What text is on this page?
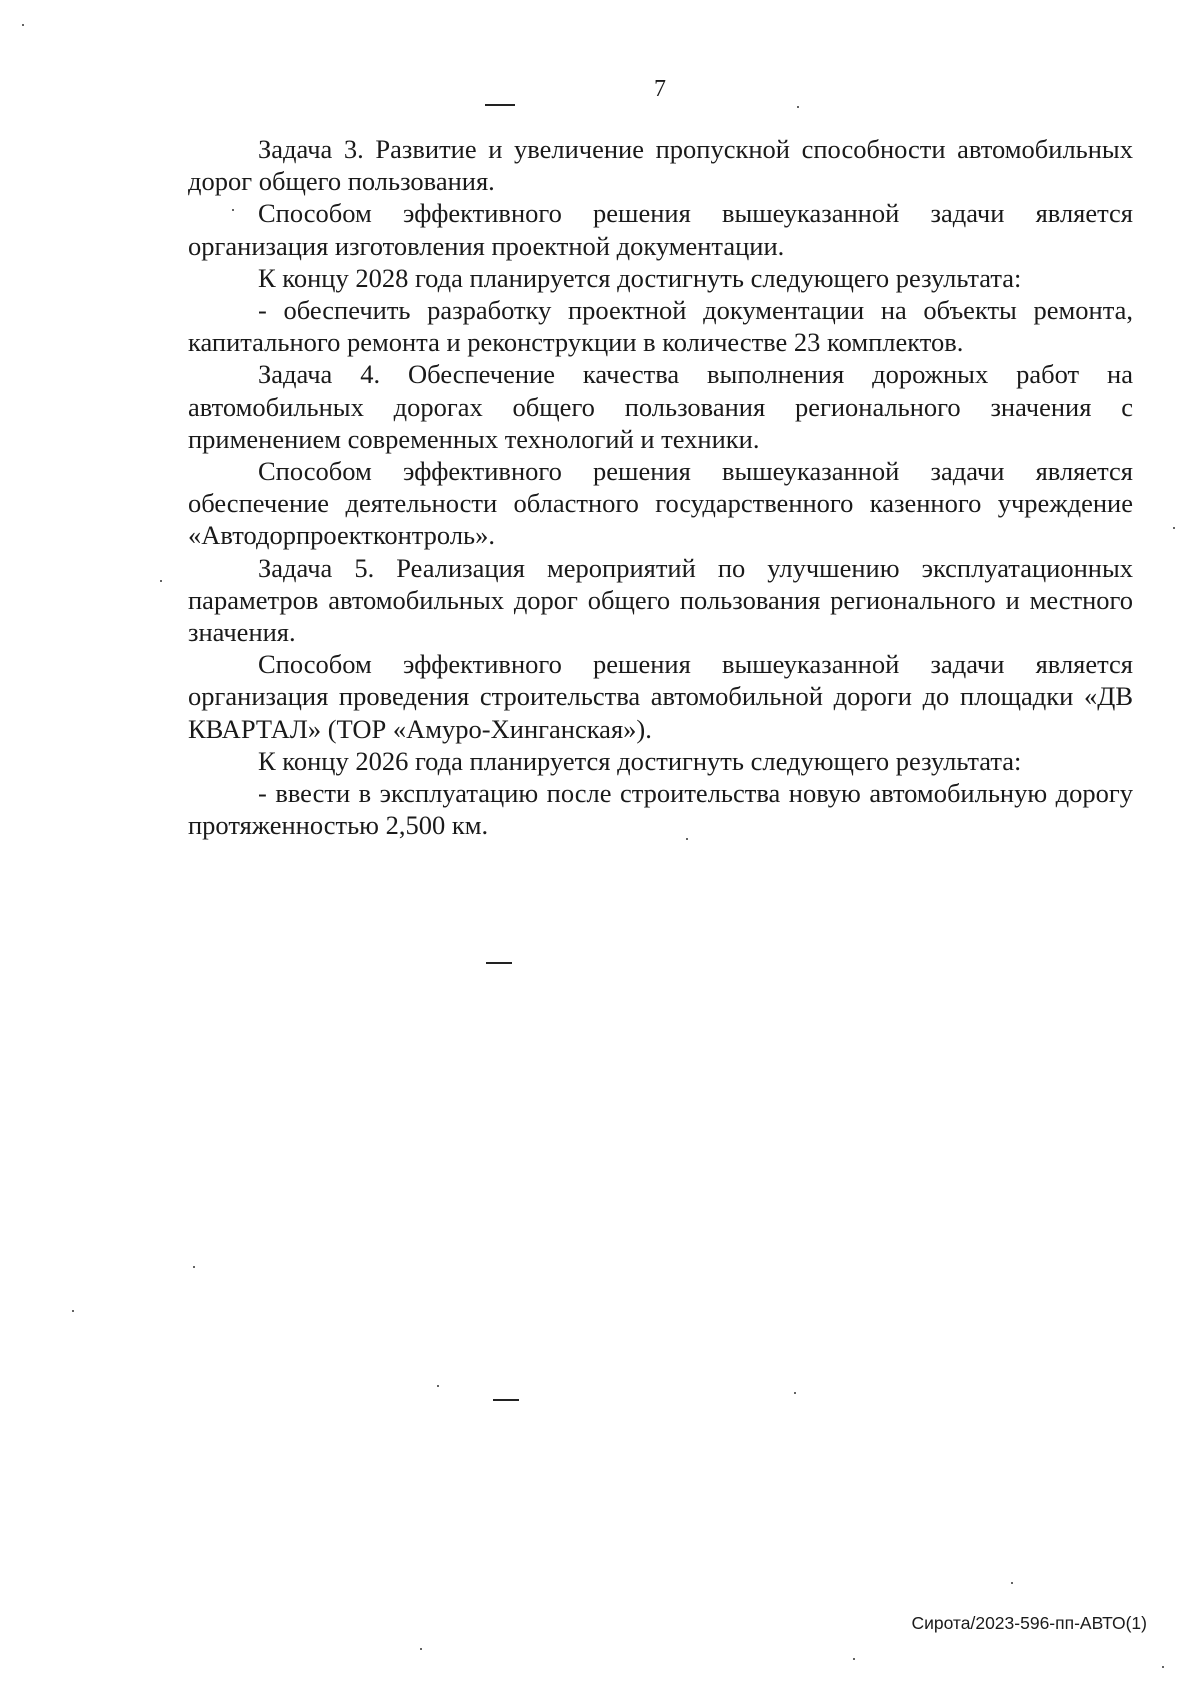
7

Задача 3. Развитие и увеличение пропускной способности автомобильных дорог общего пользования.

Способом эффективного решения вышеуказанной задачи является организация изготовления проектной документации.

К концу 2028 года планируется достигнуть следующего результата:

- обеспечить разработку проектной документации на объекты ремонта, капитального ремонта и реконструкции в количестве 23 комплектов.

Задача 4. Обеспечение качества выполнения дорожных работ на автомобильных дорогах общего пользования регионального значения с применением современных технологий и техники.

Способом эффективного решения вышеуказанной задачи является обеспечение деятельности областного государственного казенного учреждение «Автодорпроектконтроль».

Задача 5. Реализация мероприятий по улучшению эксплуатационных параметров автомобильных дорог общего пользования регионального и местного значения.

Способом эффективного решения вышеуказанной задачи является организация проведения строительства автомобильной дороги до площадки «ДВ КВАРТАЛ» (ТОР «Амуро-Хинганская»).

К концу 2026 года планируется достигнуть следующего результата:

- ввести в эксплуатацию после строительства новую автомобильную дорогу протяженностью 2,500 км.

Сирота/2023-596-пп-АВТО(1)
